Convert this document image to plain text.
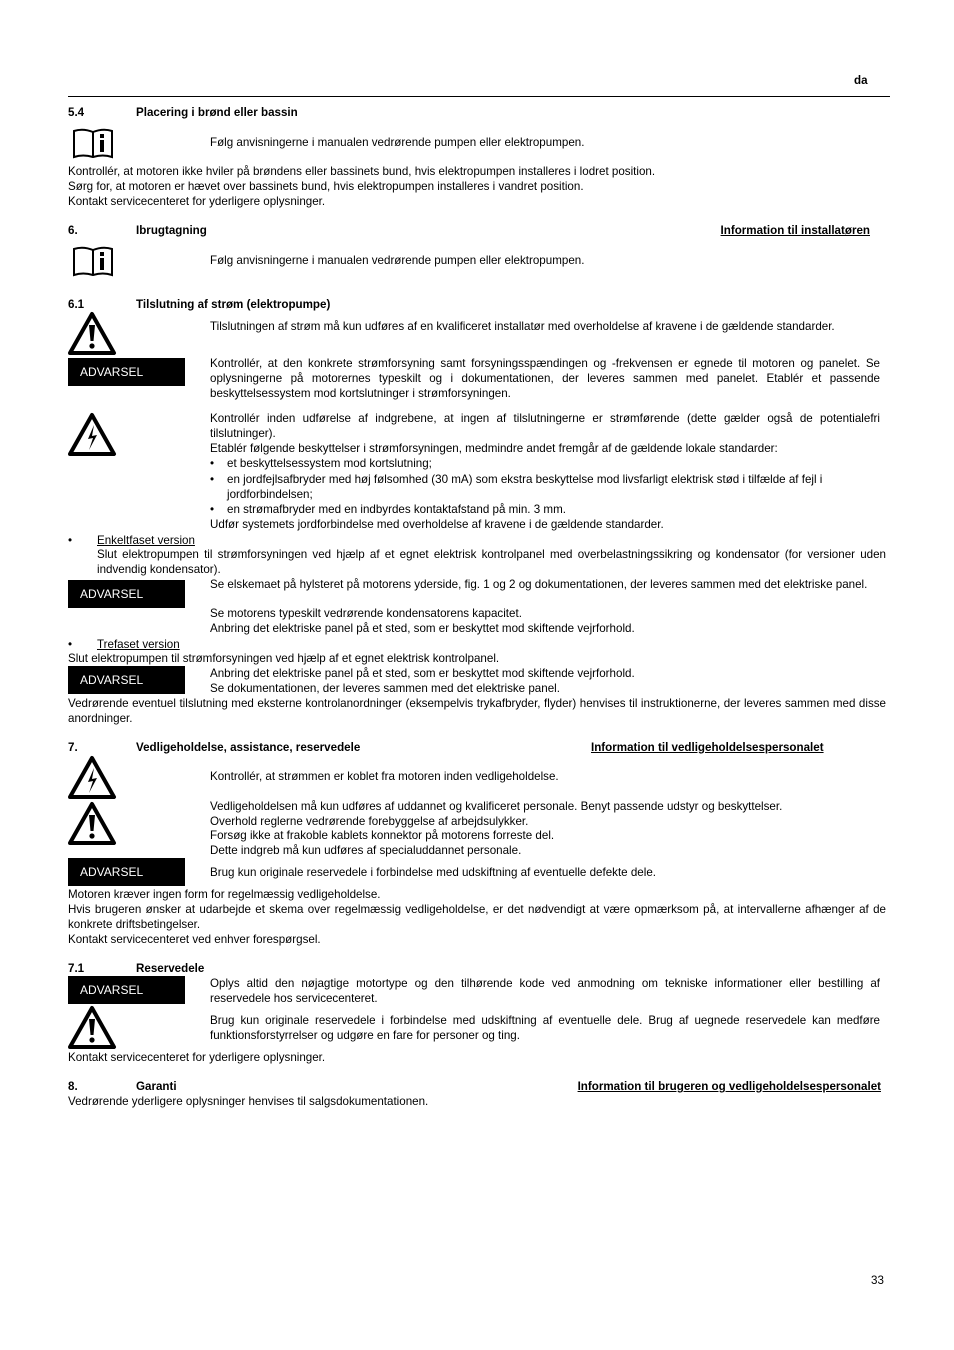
da
5.4	Placering i brønd eller bassin
Følg anvisningerne i manualen vedrørende pumpen eller elektropumpen.
Kontrollér, at motoren ikke hviler på brøndens eller bassinets bund, hvis elektropumpen installeres i lodret position.
Sørg for, at motoren er hævet over bassinets bund, hvis elektropumpen installeres i vandret position.
Kontakt servicecenteret for yderligere oplysninger.
6.	Ibrugtagning	Information til installatøren
Følg anvisningerne i manualen vedrørende pumpen eller elektropumpen.
6.1	Tilslutning af strøm (elektropumpe)
Tilslutningen af strøm må kun udføres af en kvalificeret installatør med overholdelse af kravene i de gældende standarder.
ADVARSEL
Kontrollér, at den konkrete strømforsyning samt forsyningsspændingen og -frekvensen er egnede til motoren og panelet. Se oplysningerne på motorernes typeskilt og i dokumentationen, der leveres sammen med panelet. Etablér et passende beskyttelsessystem mod kortslutninger i strømforsyningen.
Kontrollér inden udførelse af indgrebene, at ingen af tilslutningerne er strømførende (dette gælder også de potentialefri tilslutninger).
Etablér følgende beskyttelser i strømforsyningen, medmindre andet fremgår af de gældende lokale standarder:
• et beskyttelsessystem mod kortslutning;
• en jordfejlsafbryder med høj følsomhed (30 mA) som ekstra beskyttelse mod livsfarligt elektrisk stød i tilfælde af fejl i jordforbindelsen;
• en strømafbryder med en indbyrdes kontaktafstand på min. 3 mm.
Udfør systemets jordforbindelse med overholdelse af kravene i de gældende standarder.
• Enkeltfaset version
Slut elektropumpen til strømforsyningen ved hjælp af et egnet elektrisk kontrolpanel med overbelastningssikring og kondensator (for versioner uden indvendig kondensator).
ADVARSEL
Se elskemaet på hylsteret på motorens yderside, fig. 1 og 2 og dokumentationen, der leveres sammen med det elektriske panel.
Se motorens typeskilt vedrørende kondensatorens kapacitet.
Anbring det elektriske panel på et sted, som er beskyttet mod skiftende vejrforhold.
• Trefaset version
Slut elektropumpen til strømforsyningen ved hjælp af et egnet elektrisk kontrolpanel.
ADVARSEL	Anbring det elektriske panel på et sted, som er beskyttet mod skiftende vejrforhold.
Se dokumentationen, der leveres sammen med det elektriske panel.
Vedrørende eventuel tilslutning med eksterne kontrolanordninger (eksempelvis trykafbryder, flyder) henvises til instruktionerne, der leveres sammen med disse anordninger.
7.	Vedligeholdelse, assistance, reservedele	Information til vedligeholdelsespersonalet
Kontrollér, at strømmen er koblet fra motoren inden vedligeholdelse.
Vedligeholdelsen må kun udføres af uddannet og kvalificeret personale. Benyt passende udstyr og beskyttelser.
Overhold reglerne vedrørende forebyggelse af arbejdsulykker.
Forsøg ikke at frakoble kablets konnektor på motorens forreste del.
Dette indgreb må kun udføres af specialuddannet personale.
ADVARSEL	Brug kun originale reservedele i forbindelse med udskiftning af eventuelle defekte dele.
Motoren kræver ingen form for regelmæssig vedligeholdelse.
Hvis brugeren ønsker at udarbejde et skema over regelmæssig vedligeholdelse, er det nødvendigt at være opmærksom på, at intervallerne afhænger af de konkrete driftsbetingelser.
Kontakt servicecenteret ved enhver forespørgsel.
7.1	Reservedele
ADVARSEL	Oplys altid den nøjagtige motortype og den tilhørende kode ved anmodning om tekniske informationer eller bestilling af reservedele hos servicecenteret.
Brug kun originale reservedele i forbindelse med udskiftning af eventuelle dele. Brug af uegnede reservedele kan medføre funktionsforstyrrelser og udgøre en fare for personer og ting.
Kontakt servicecenteret for yderligere oplysninger.
8.	Garanti	Information til brugeren og vedligeholdelsespersonalet
Vedrørende yderligere oplysninger henvises til salgsdokumentationen.
33
